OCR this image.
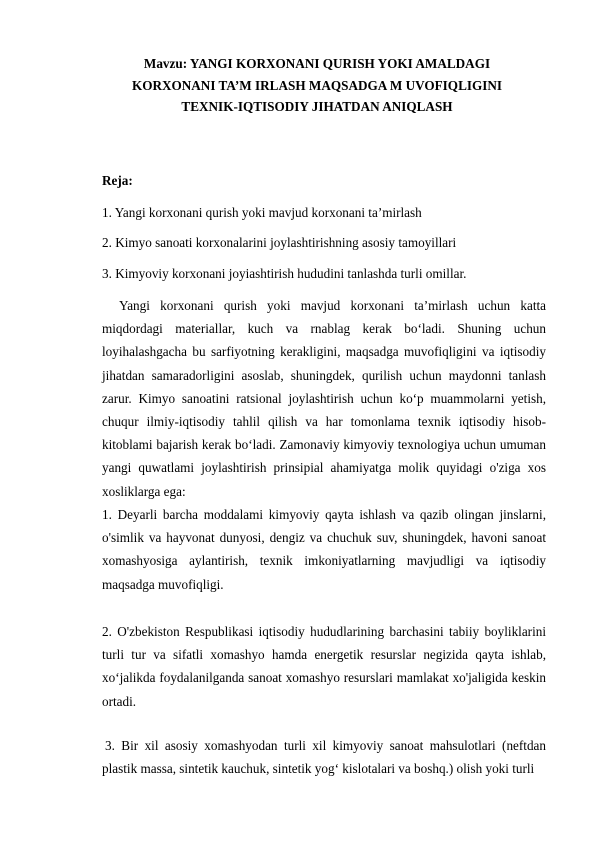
Mavzu: YANGI KORXONANI QURISH YOKI AMALDAGI
KORXONANI TA’M IRLASH MAQSADGA M UVOFIQLIGINI
TEXNIK-IQTISODIY JIHATDAN ANIQLASH
Reja:
1. Yangi korxonani qurish yoki mavjud korxonani ta’mirlash
2. Kimyo sanoati korxonalarini joylashtirishning asosiy tamoyillari
3. Kimyoviy korxonani joyiashtirish hududini tanlashda turli omillar.
Yangi korxonani qurish yoki mavjud korxonani ta’mirlash uchun katta miqdordagi materiallar, kuch va rnablag kerak bo‘ladi. Shuning uchun loyihalashgacha bu sarfiyotning kerakligini, maqsadga muvofiqligini va iqtisodiy jihatdan samaradorligini asoslab, shuningdek, qurilish uchun maydonni tanlash zarur. Kimyo sanoatini ratsional joylashtirish uchun ko‘p muammolarni yetish, chuqur ilmiy-iqtisodiy tahlil qilish va har tomonlama texnik iqtisodiy hisob-kitoblami bajarish kerak bo‘ladi. Zamonaviy kimyoviy texnologiya uchun umuman yangi quwatlami joylashtirish prinsipial ahamiyatga molik quyidagi o'ziga xos xosliklarga ega:
1. Deyarli barcha moddalami kimyoviy qayta ishlash va qazib olingan jinslarni, o'simlik va hayvonat dunyosi, dengiz va chuchuk suv, shuningdek, havoni sanoat xomashyosiga aylantirish, texnik imkoniyatlarning mavjudligi va iqtisodiy maqsadga muvofiqligi.
2. O'zbekiston Respublikasi iqtisodiy hududlarining barchasini tabiiy boyliklarini turli tur va sifatli xomashyo hamda energetik resurslar negizida qayta ishlab, xo‘jalikda foydalanilganda sanoat xomashyo resurslari mamlakat xo'jaligida keskin ortadi.
3. Bir xil asosiy xomashyodan turli xil kimyoviy sanoat mahsulotlari (neftdan plastik massa, sintetik kauchuk, sintetik yog‘ kislotalari va boshq.) olish yoki turli
